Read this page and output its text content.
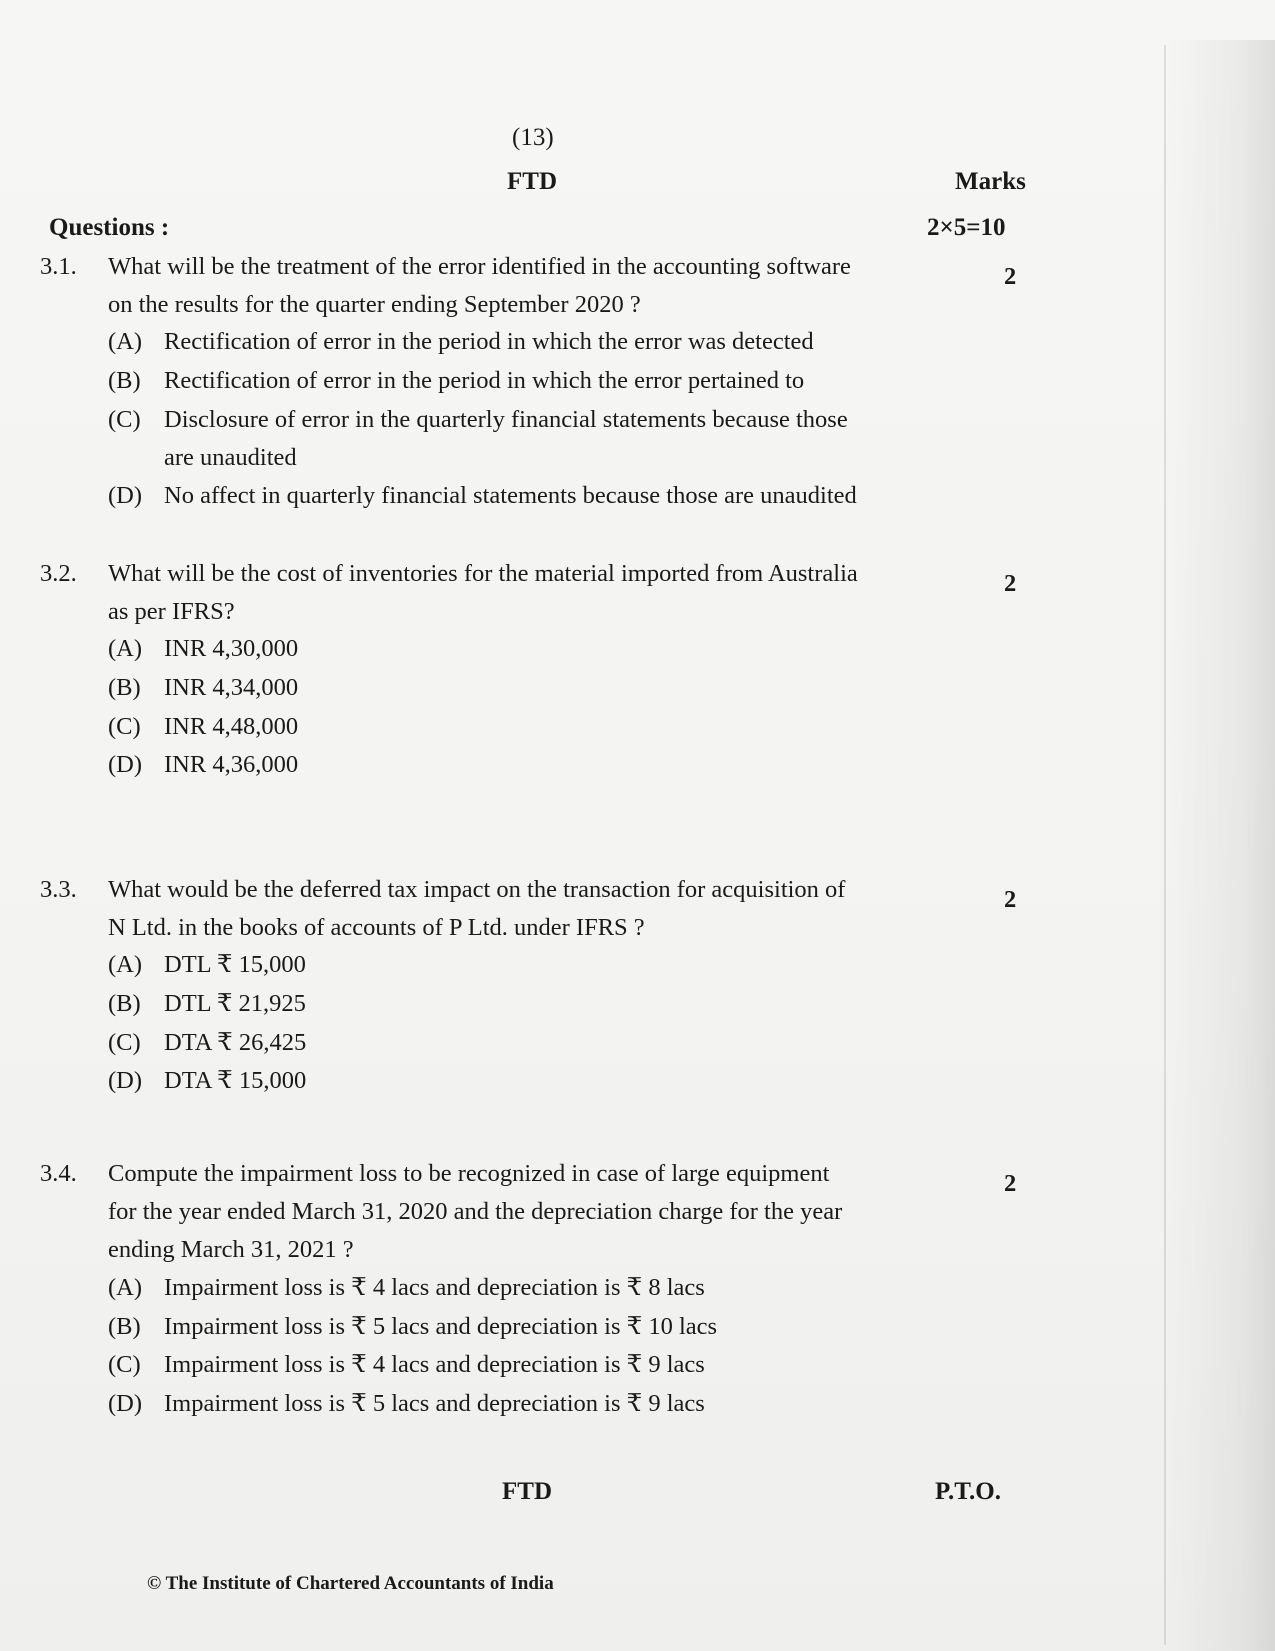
(13)
FTD	Marks
Questions :	2×5=10
3.1.	What will be the treatment of the error identified in the accounting software
on the results for the quarter ending September 2020 ?
2
(A) Rectification of error in the period in which the error was detected
(B) Rectification of error in the period in which the error pertained to
(C) Disclosure of error in the quarterly financial statements because those
are unaudited
(D) No affect in quarterly financial statements because those are unaudited
3.2.	What will be the cost of inventories for the material imported from Australia
as per IFRS?
2
(A) INR 4,30,000
(B) INR 4,34,000
(C) INR 4,48,000
(D) INR 4,36,000
3.3.	What would be the deferred tax impact on the transaction for acquisition of
N Ltd. in the books of accounts of P Ltd. under IFRS ?
2
(A) DTL ₹ 15,000
(B) DTL ₹ 21,925
(C) DTA ₹ 26,425
(D) DTA ₹ 15,000
3.4.	Compute the impairment loss to be recognized in case of large equipment
for the year ended March 31, 2020 and the depreciation charge for the year
ending March 31, 2021 ?
2
(A) Impairment loss is ₹ 4 lacs and depreciation is ₹ 8 lacs
(B) Impairment loss is ₹ 5 lacs and depreciation is ₹ 10 lacs
(C) Impairment loss is ₹ 4 lacs and depreciation is ₹ 9 lacs
(D) Impairment loss is ₹ 5 lacs and depreciation is ₹ 9 lacs
FTD	P.T.O.
© The Institute of Chartered Accountants of India
